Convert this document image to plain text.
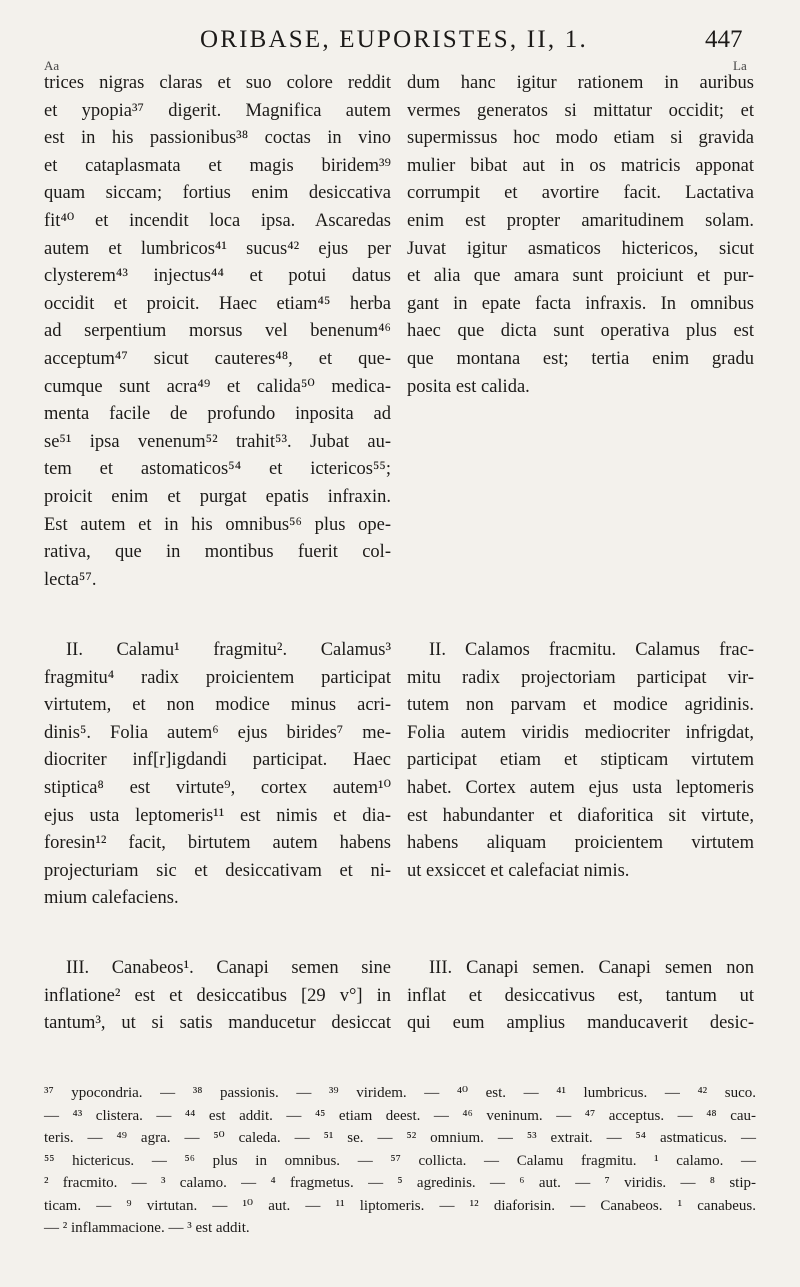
ORIBASE, EUPORISTES, II, 1.	447
Aa	La
trices nigras claras et suo colore reddit
et ypopia³⁷ digerit. Magnifica autem
est in his passionibus³⁸ coctas in vino
et cataplasmata et magis biridem³⁹
quam siccam; fortius enim desiccativa
fit⁴⁰ et incendit loca ipsa. Ascaredas
autem et lumbricos⁴¹ sucus⁴² ejus per
clysterem⁴³ injectus⁴⁴ et potui datus
occidit et proicit. Haec etiam⁴⁵ herba
ad serpentium morsus vel benenum⁴⁶
acceptum⁴⁷ sicut cauteres⁴⁸, et que-
cumque sunt acra⁴⁹ et calida⁵⁰ medica-
menta facile de profundo inposita ad
se⁵¹ ipsa venenum⁵² trahit⁵³. Jubat au-
tem et astomaticos⁵⁴ et ictericos⁵⁵;
proicit enim et purgat epatis infraxin.
Est autem et in his omnibus⁵⁶ plus ope-
rativa, que in montibus fuerit col-
lecta⁵⁷.
II. Calamu¹ fragmitu². Calamus³
fragmitu⁴ radix proicientem participat
virtutem, et non modice minus acri-
dinis⁵. Folia autem⁶ ejus birides⁷ me-
diocriter inf[r]igdandi participat. Haec
stiptica⁸ est virtute⁹, cortex autem¹⁰
ejus usta leptomeris¹¹ est nimis et dia-
foresin¹² facit, birtutem autem habens
projecturiam sic et desiccativam et ni-
mium calefaciens.
III. Canabeos¹. Canapi semen sine
inflatione² est et desiccatibus [29 v°] in
tantum³, ut si satis manducetur desiccat
dum hanc igitur rationem in auribus
vermes generatos si mittatur occidit; et
supermissus hoc modo etiam si gravida
mulier bibat aut in os matricis apponat
corrumpit et avortire facit. Lactativa
enim est propter amaritudinem solam.
Juvat igitur asmaticos hictericos, sicut
et alia que amara sunt proiciunt et pur-
gant in epate facta infraxis. In omnibus
haec que dicta sunt operativa plus est
que montana est; tertia enim gradu
posita est calida.
II. Calamos fracmitu. Calamus frac-
mitu radix projectoriam participat vir-
tutem non parvam et modice agridinis.
Folia autem viridis mediocriter infrigdat,
participat etiam et stipticam virtutem
habet. Cortex autem ejus usta leptomeris
est habundanter et diaforitica sit virtute,
habens aliquam proicientem virtutem
ut exsiccet et calefaciat nimis.
III. Canapi semen. Canapi semen non
inflat et desiccativus est, tantum ut
qui eum amplius manducaverit desic-
³⁷ ypocondria. — ³⁸ passionis. — ³⁹ viridem. — ⁴⁰ est. — ⁴¹ lumbricus. — ⁴² suco.
— ⁴³ clistera. — ⁴⁴ est addit. — ⁴⁵ etiam deest. — ⁴⁶ veninum. — ⁴⁷ acceptus. — ⁴⁸ cau-
teris. — ⁴⁹ agra. — ⁵⁰ caleda. — ⁵¹ se. — ⁵² omnium. — ⁵³ extrait. — ⁵⁴ astmaticus. —
⁵⁵ hictericus. — ⁵⁶ plus in omnibus. — ⁵⁷ collicta. — Calamu fragmitu. ¹ calamo. —
² fracmito. — ³ calamo. — ⁴ fragmetus. — ⁵ agredinis. — ⁶ aut. — ⁷ viridis. — ⁸ stip-
ticam. — ⁹ virtutan. — ¹⁰ aut. — ¹¹ liptomeris. — ¹² diaforisin. — Canabeos. ¹ canabeus.
— ² inflammacione. — ³ est addit.
